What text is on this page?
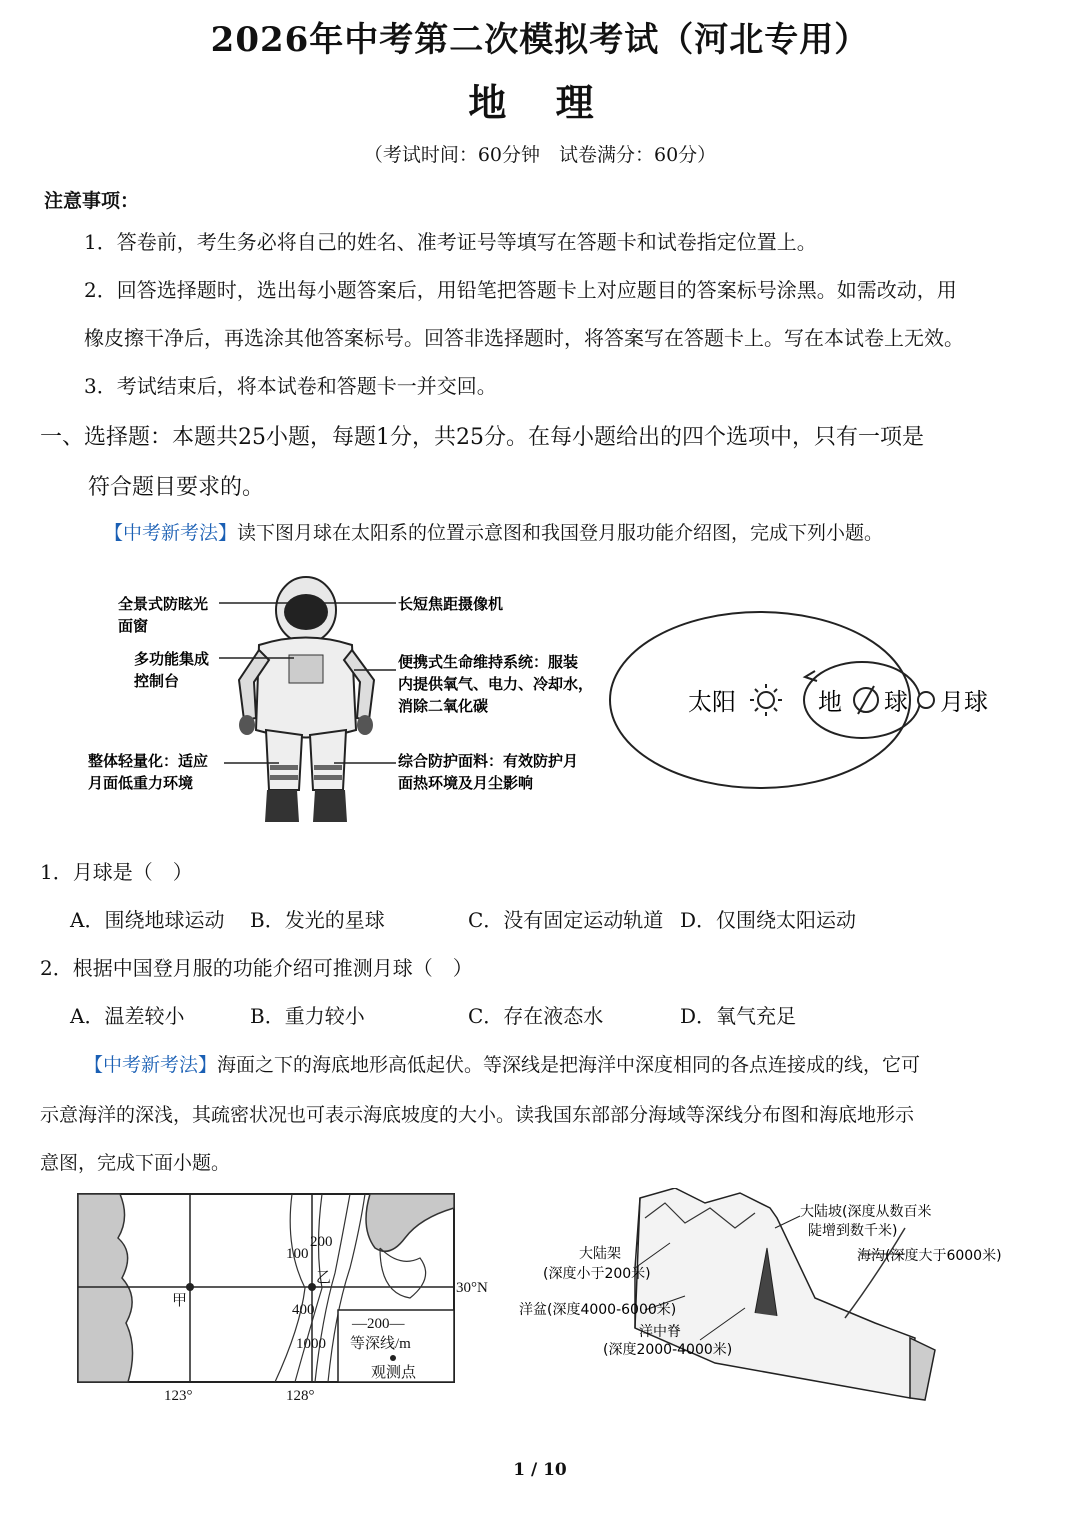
2026年中考第二次模拟考试（河北专用）
地 理
（考试时间：60分钟　试卷满分：60分）
注意事项：
1．答卷前，考生务必将自己的姓名、准考证号等填写在答题卡和试卷指定位置上。
2．回答选择题时，选出每小题答案后，用铅笔把答题卡上对应题目的答案标号涂黑。如需改动，用
橡皮擦干净后，再选涂其他答案标号。回答非选择题时，将答案写在答题卡上。写在本试卷上无效。
3．考试结束后，将本试卷和答题卡一并交回。
一、选择题：本题共25小题，每题1分，共25分。在每小题给出的四个选项中，只有一项是
符合题目要求的。
【中考新考法】读下图月球在太阳系的位置示意图和我国登月服功能介绍图，完成下列小题。
全景式防眩光
面窗
多功能集成
控制台
整体轻量化：适应
月面低重力环境
长短焦距摄像机
便携式生命维持系统：服装
内提供氧气、电力、冷却水，
消除二氧化碳
综合防护面料：有效防护月
面热环境及月尘影响
太阳	地 球 月球
1．月球是（　）
A．围绕地球运动 B．发光的星球	C．没有固定运动轨道 D．仅围绕太阳运动
2．根据中国登月服的功能介绍可推测月球（　）
A．温差较小	B．重力较小	C．存在液态水	D．氧气充足
【中考新考法】海面之下的海底地形高低起伏。等深线是把海洋中深度相同的各点连接成的线，它可
示意海洋的深浅，其疏密状况也可表示海底坡度的大小。读我国东部部分海域等深线分布图和海底地形示
意图，完成下面小题。
甲
乙
100
200
400
1000
30°N
123°	128°
—200—
等深线/m
观测点
大陆坡(深度从数百米
陡增到数千米)
海沟(深度大于6000米)
大陆架
(深度小于200米)
洋盆(深度4000-6000米)
洋中脊
(深度2000-4000米)
1 / 10
